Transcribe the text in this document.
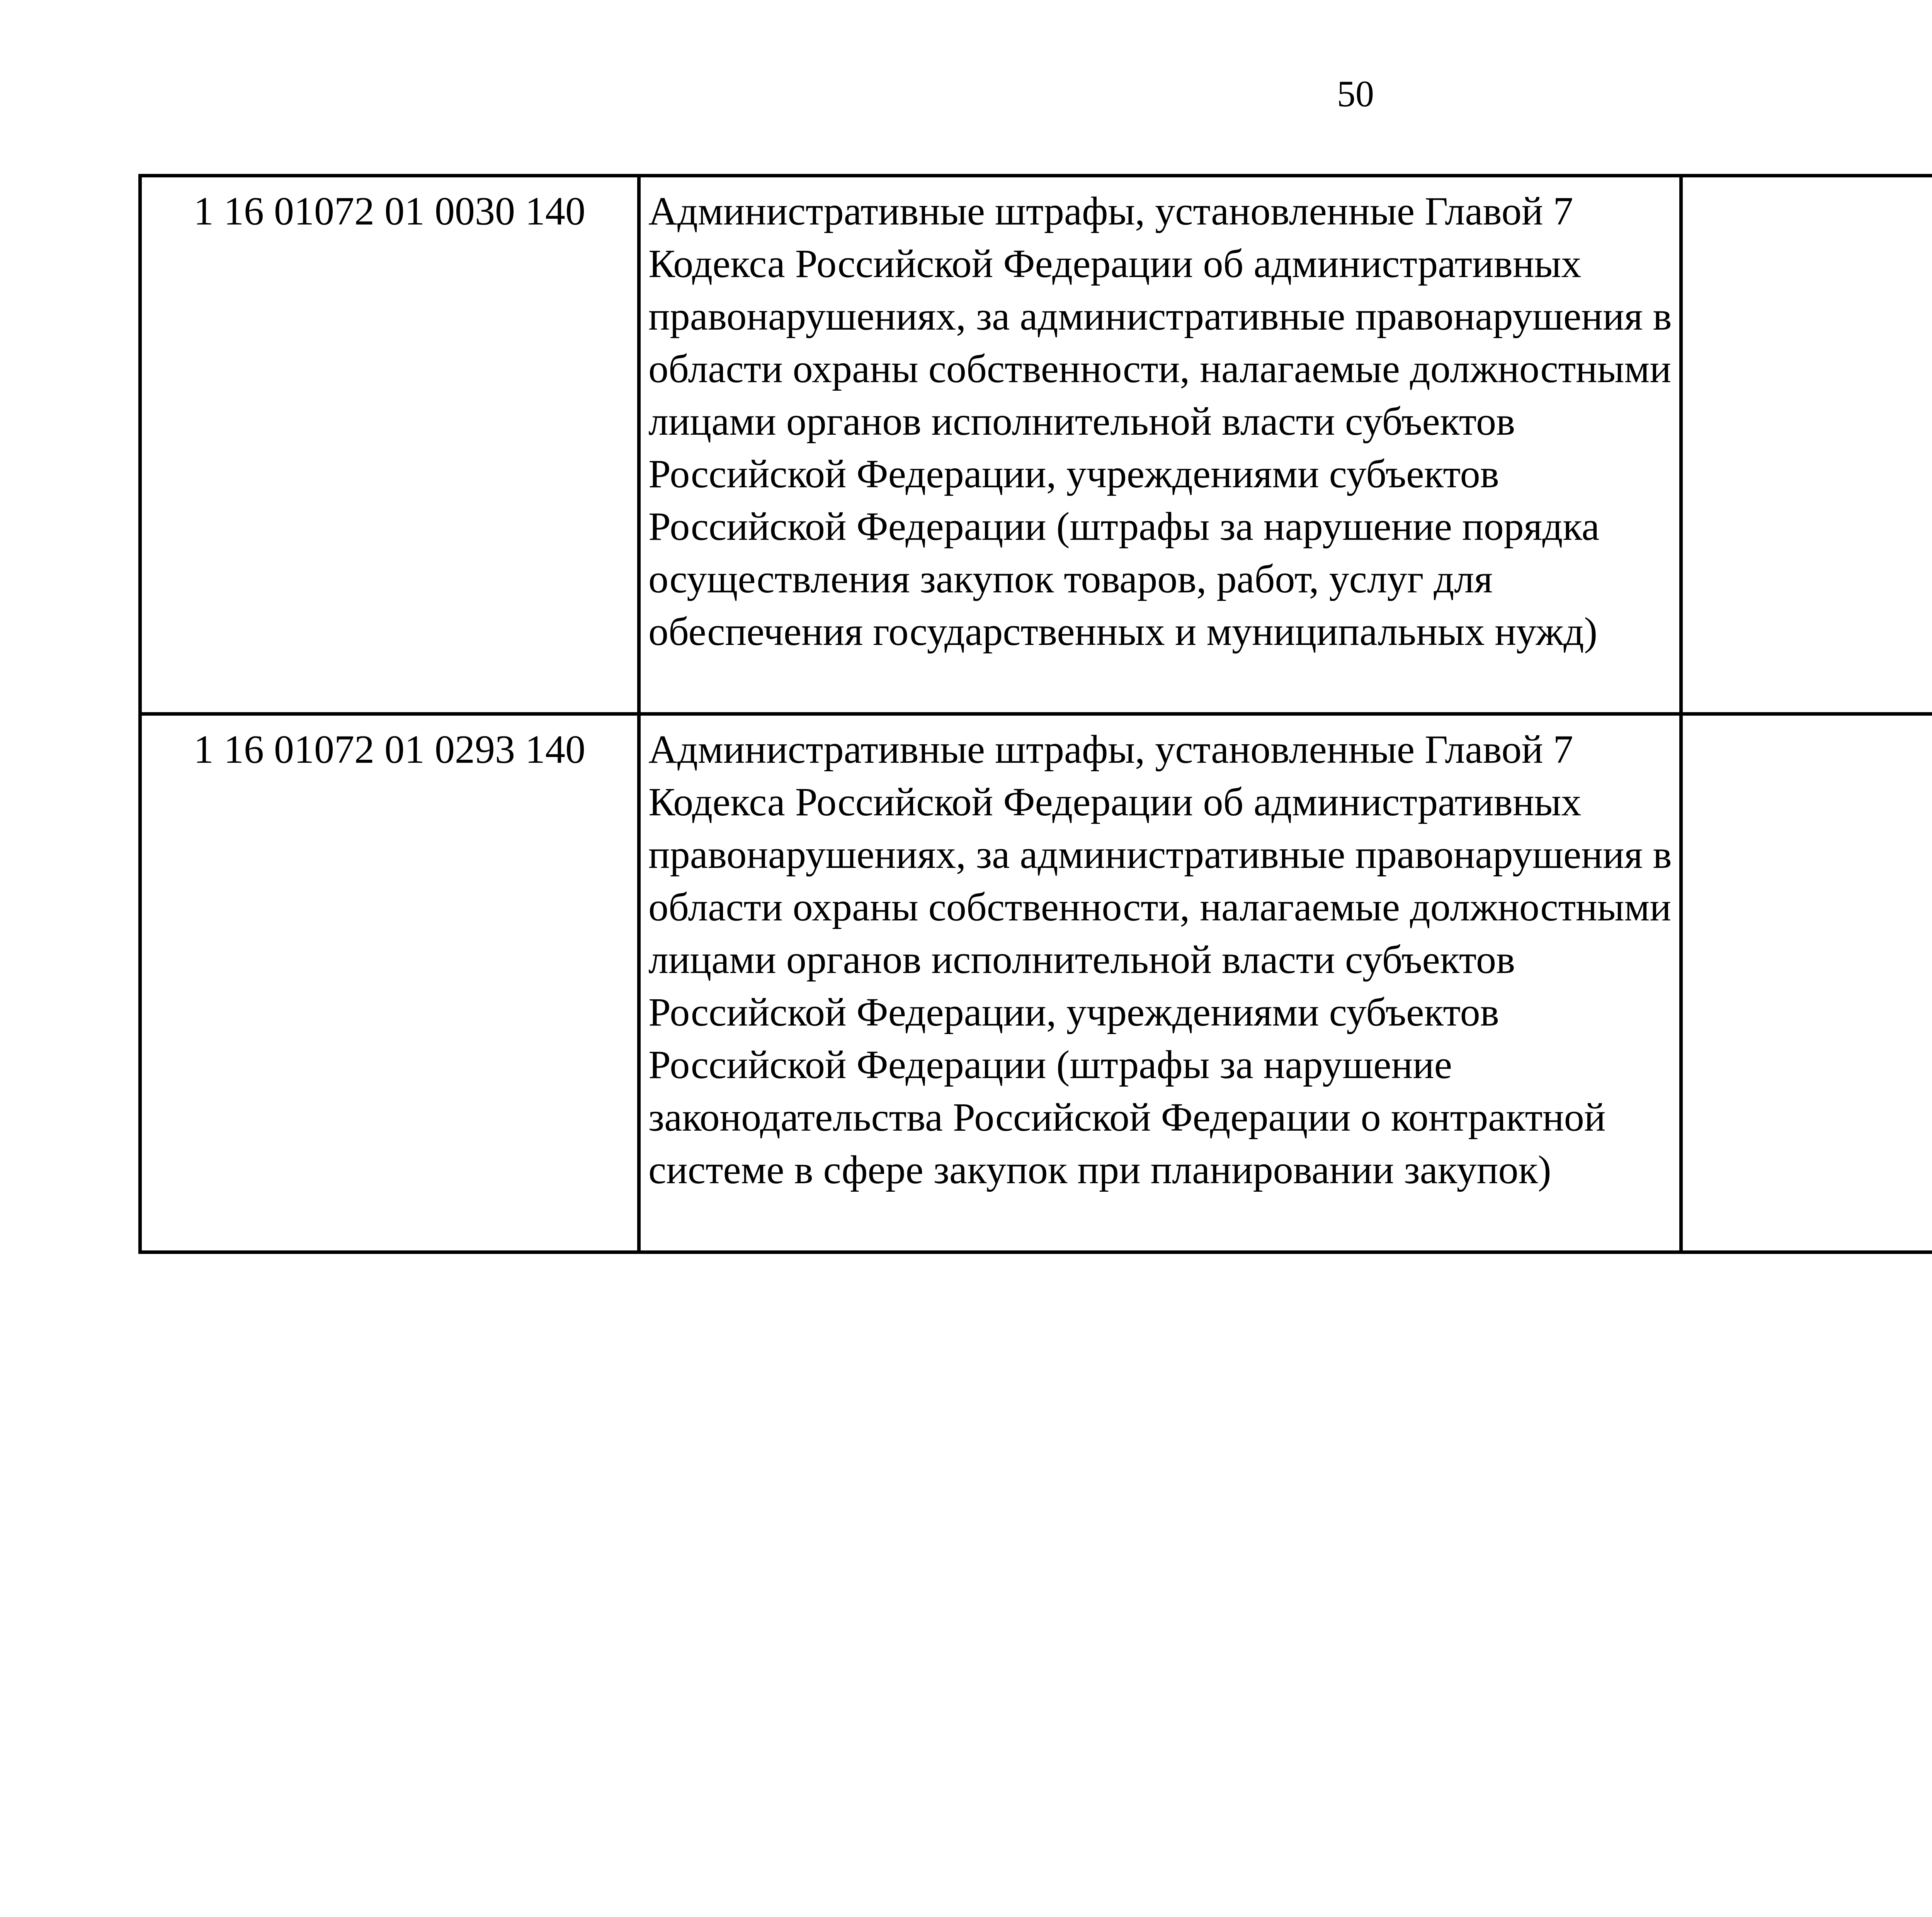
50
1 16 01072 01 0030 140	Административные штрафы, установленные Главой 7 Кодекса Российской Федерации об административных правонарушениях, за административные правонарушения в области охраны собственности, налагаемые должностными лицами органов исполнительной власти субъектов Российской Федерации, учреждениями субъектов Российской Федерации (штрафы за нарушение порядка осуществления закупок товаров, работ, услуг для обеспечения государственных и муниципальных нужд)			
1 16 01072 01 0293 140	Административные штрафы, установленные Главой 7 Кодекса Российской Федерации об административных правонарушениях, за административные правонарушения в области охраны собственности, налагаемые должностными лицами органов исполнительной власти субъектов Российской Федерации, учреждениями субъектов Российской Федерации (штрафы за нарушение законодательства Российской Федерации о контрактной системе в сфере закупок при планировании закупок)			
